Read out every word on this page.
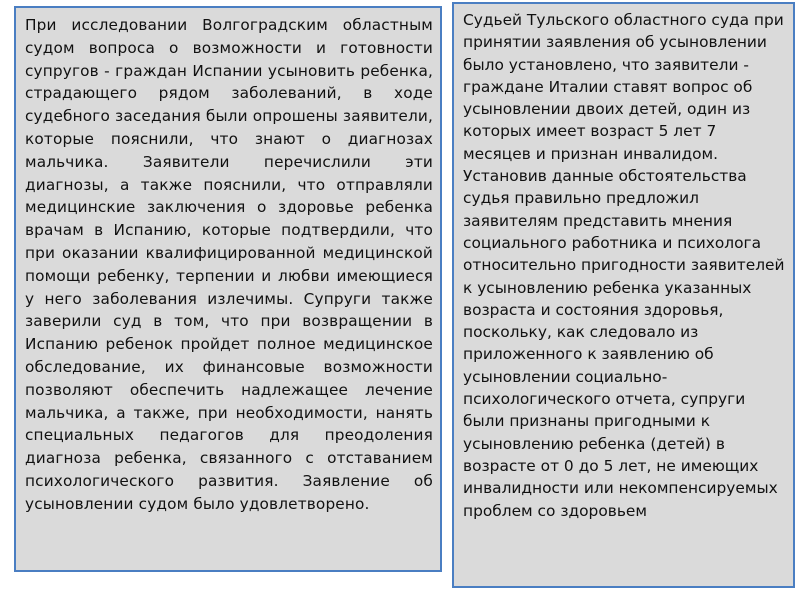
При исследовании Волгоградским областным судом вопроса о возможности и готовности супругов - граждан Испании усыновить ребенка, страдающего рядом заболеваний, в ходе судебного заседания были опрошены заявители, которые пояснили, что знают о диагнозах мальчика. Заявители перечислили эти диагнозы, а также пояснили, что отправляли медицинские заключения о здоровье ребенка врачам в Испанию, которые подтвердили, что при оказании квалифицированной медицинской помощи ребенку, терпении и любви имеющиеся у него заболевания излечимы. Супруги также заверили суд в том, что при возвращении в Испанию ребенок пройдет полное медицинское обследование, их финансовые возможности позволяют обеспечить надлежащее лечение мальчика, а также, при необходимости, нанять специальных педагогов для преодоления диагноза ребенка, связанного с отставанием психологического развития. Заявление об усыновлении судом было удовлетворено.

Судьей Тульского областного суда при принятии заявления об усыновлении было установлено, что заявители - граждане Италии ставят вопрос об усыновлении двоих детей, один из которых имеет возраст 5 лет 7 месяцев и признан инвалидом. Установив данные обстоятельства судья правильно предложил заявителям представить мнения социального работника и психолога относительно пригодности заявителей к усыновлению ребенка указанных возраста и состояния здоровья, поскольку, как следовало из приложенного к заявлению об усыновлении социально-психологического отчета, супруги были признаны пригодными к усыновлению ребенка (детей) в возрасте от 0 до 5 лет, не имеющих инвалидности или некомпенсируемых проблем со здоровьем
